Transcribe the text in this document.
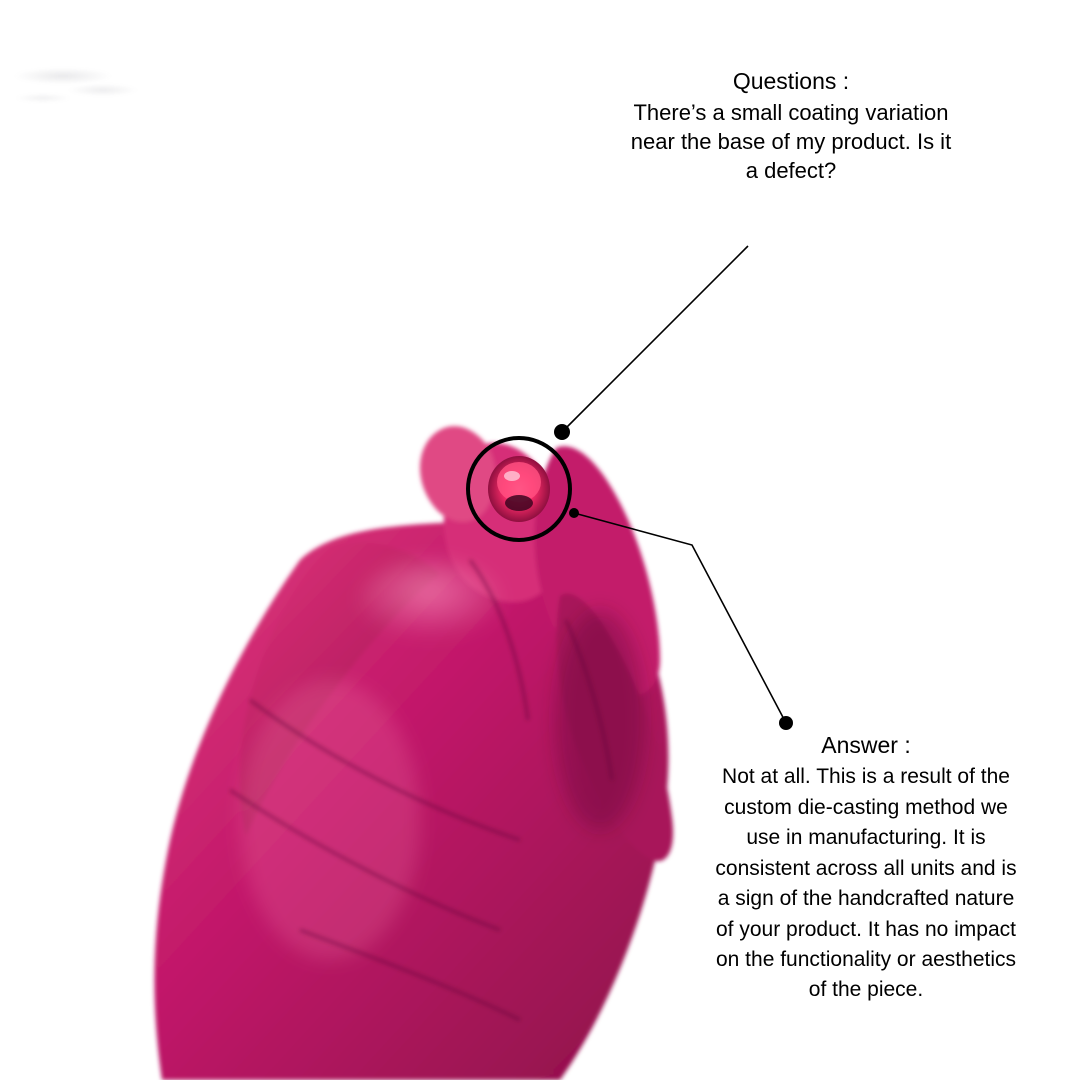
Questions :
There’s a small coating variation near the base of my product. Is it a defect?
Answer :
Not at all. This is a result of the custom die-casting method we use in manufacturing. It is consistent across all units and is a sign of the handcrafted nature of your product. It has no impact on the functionality or aesthetics of the piece.
